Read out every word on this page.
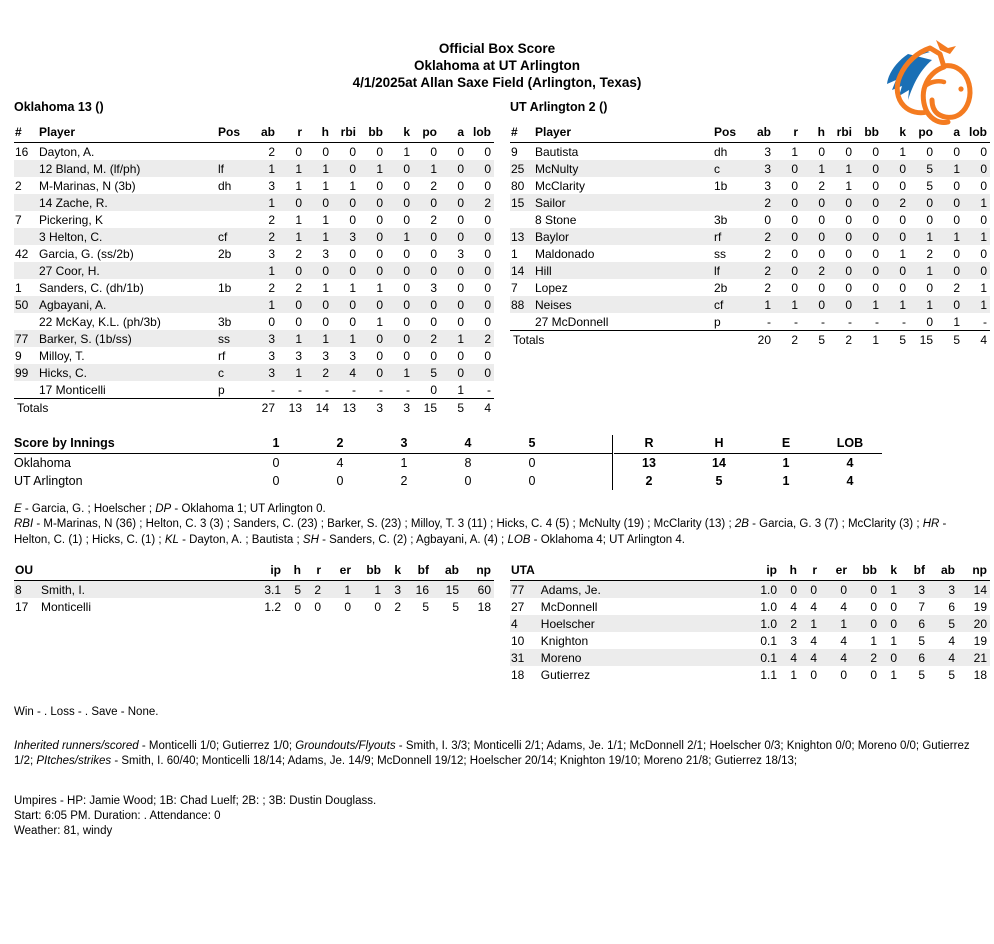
Official Box Score
Oklahoma at UT Arlington
4/1/2025at Allan Saxe Field (Arlington, Texas)
Oklahoma 13 ()
#	Player	Pos	ab	r	h	rbi	bb	k	po	a	lob
16	Dayton, A.		2	0	0	0	0	1	0	0	0
	12 Bland, M. (lf/ph)	lf	1	1	1	0	1	0	1	0	0
2	M-Marinas, N (3b)	dh	3	1	1	1	0	0	2	0	0
	14 Zache, R.		1	0	0	0	0	0	0	0	2
7	Pickering, K		2	1	1	0	0	0	2	0	0
	3 Helton, C.	cf	2	1	1	3	0	1	0	0	0
42	Garcia, G. (ss/2b)	2b	3	2	3	0	0	0	0	3	0
	27 Coor, H.		1	0	0	0	0	0	0	0	0
1	Sanders, C. (dh/1b)	1b	2	2	1	1	1	0	3	0	0
50	Agbayani, A.		1	0	0	0	0	0	0	0	0
	22 McKay, K.L. (ph/3b)	3b	0	0	0	0	1	0	0	0	0
77	Barker, S. (1b/ss)	ss	3	1	1	1	0	0	2	1	2
9	Milloy, T.	rf	3	3	3	3	0	0	0	0	0
99	Hicks, C.	c	3	1	2	4	0	1	5	0	0
	17 Monticelli	p	-	-	-	-	-	-	0	1	-
Totals			27	13	14	13	3	3	15	5	4
UT Arlington 2 ()
#	Player	Pos	ab	r	h	rbi	bb	k	po	a	lob
9	Bautista	dh	3	1	0	0	0	1	0	0	0
25	McNulty	c	3	0	1	1	0	0	5	1	0
80	McClarity	1b	3	0	2	1	0	0	5	0	0
15	Sailor		2	0	0	0	0	2	0	0	1
	8 Stone	3b	0	0	0	0	0	0	0	0	0
13	Baylor	rf	2	0	0	0	0	0	1	1	1
1	Maldonado	ss	2	0	0	0	0	1	2	0	0
14	Hill	lf	2	0	2	0	0	0	1	0	0
7	Lopez	2b	2	0	0	0	0	0	0	2	1
88	Neises	cf	1	1	0	0	1	1	1	0	1
	27 McDonnell	p	-	-	-	-	-	-	0	1	-
Totals			20	2	5	2	1	5	15	5	4
Score by Innings	1	2	3	4	5			R	H	E	LOB
Oklahoma	0	4	1	8	0			13	14	1	4
UT Arlington	0	0	2	0	0			2	5	1	4
E - Garcia, G. ; Hoelscher ; DP - Oklahoma 1; UT Arlington 0.
RBI - M-Marinas, N (36) ; Helton, C. 3 (3) ; Sanders, C. (23) ; Barker, S. (23) ; Milloy, T. 3 (11) ; Hicks, C. 4 (5) ; McNulty (19) ; McClarity (13) ; 2B - Garcia, G. 3 (7) ; McClarity (3) ; HR - Helton, C. (1) ; Hicks, C. (1) ; KL - Dayton, A. ; Bautista ; SH - Sanders, C. (2) ; Agbayani, A. (4) ; LOB - Oklahoma 4; UT Arlington 4.
OU		ip	h	r	er	bb	k	bf	ab	np
8	Smith, I.	3.1	5	2	1	1	3	16	15	60
17	Monticelli	1.2	0	0	0	0	2	5	5	18
UTA		ip	h	r	er	bb	k	bf	ab	np
77	Adams, Je.	1.0	0	0	0	0	1	3	3	14
27	McDonnell	1.0	4	4	4	0	0	7	6	19
4	Hoelscher	1.0	2	1	1	0	0	6	5	20
10	Knighton	0.1	3	4	4	1	1	5	4	19
31	Moreno	0.1	4	4	4	2	0	6	4	21
18	Gutierrez	1.1	1	0	0	0	1	5	5	18
Win - . Loss - . Save - None.
Inherited runners/scored - Monticelli 1/0; Gutierrez 1/0; Groundouts/Flyouts - Smith, I. 3/3; Monticelli 2/1; Adams, Je. 1/1; McDonnell 2/1; Hoelscher 0/3; Knighton 0/0; Moreno 0/0; Gutierrez 1/2; PItches/strikes - Smith, I. 60/40; Monticelli 18/14; Adams, Je. 14/9; McDonnell 19/12; Hoelscher 20/14; Knighton 19/10; Moreno 21/8; Gutierrez 18/13;
Umpires - HP: Jamie Wood; 1B: Chad Luelf; 2B: ; 3B: Dustin Douglass.
Start: 6:05 PM. Duration: . Attendance: 0
Weather: 81, windy
